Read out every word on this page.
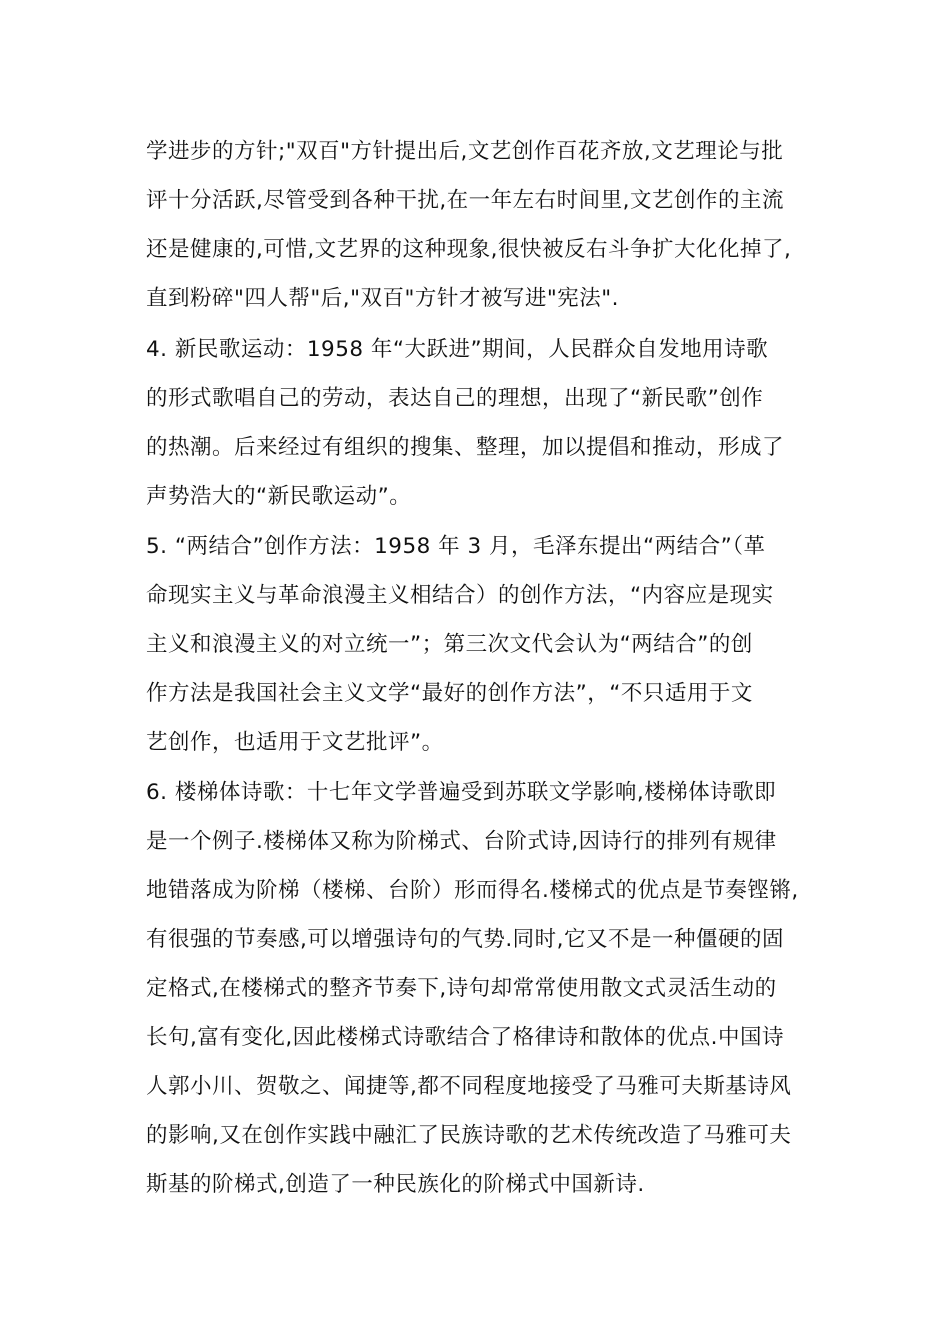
学进步的方针;"双百"方针提出后,文艺创作百花齐放,文艺理论与批
评十分活跃,尽管受到各种干扰,在一年左右时间里,文艺创作的主流
还是健康的,可惜,文艺界的这种现象,很快被反右斗争扩大化化掉了,
直到粉碎"四人帮"后,"双百"方针才被写进"宪法".
4. 新民歌运动：1958 年“大跃进”期间，人民群众自发地用诗歌
的形式歌唱自己的劳动，表达自己的理想，出现了“新民歌”创作
的热潮。后来经过有组织的搜集、整理，加以提倡和推动，形成了
声势浩大的“新民歌运动”。
5. “两结合”创作方法：1958 年 3 月，毛泽东提出“两结合”（革
命现实主义与革命浪漫主义相结合）的创作方法，“内容应是现实
主义和浪漫主义的对立统一”；第三次文代会认为“两结合”的创
作方法是我国社会主义文学“最好的创作方法”，“不只适用于文
艺创作，也适用于文艺批评”。
6. 楼梯体诗歌：十七年文学普遍受到苏联文学影响,楼梯体诗歌即
是一个例子.楼梯体又称为阶梯式、台阶式诗,因诗行的排列有规律
地错落成为阶梯（楼梯、台阶）形而得名.楼梯式的优点是节奏铿锵,
有很强的节奏感,可以增强诗句的气势.同时,它又不是一种僵硬的固
定格式,在楼梯式的整齐节奏下,诗句却常常使用散文式灵活生动的
长句,富有变化,因此楼梯式诗歌结合了格律诗和散体的优点.中国诗
人郭小川、贺敬之、闻捷等,都不同程度地接受了马雅可夫斯基诗风
的影响,又在创作实践中融汇了民族诗歌的艺术传统改造了马雅可夫
斯基的阶梯式,创造了一种民族化的阶梯式中国新诗.
